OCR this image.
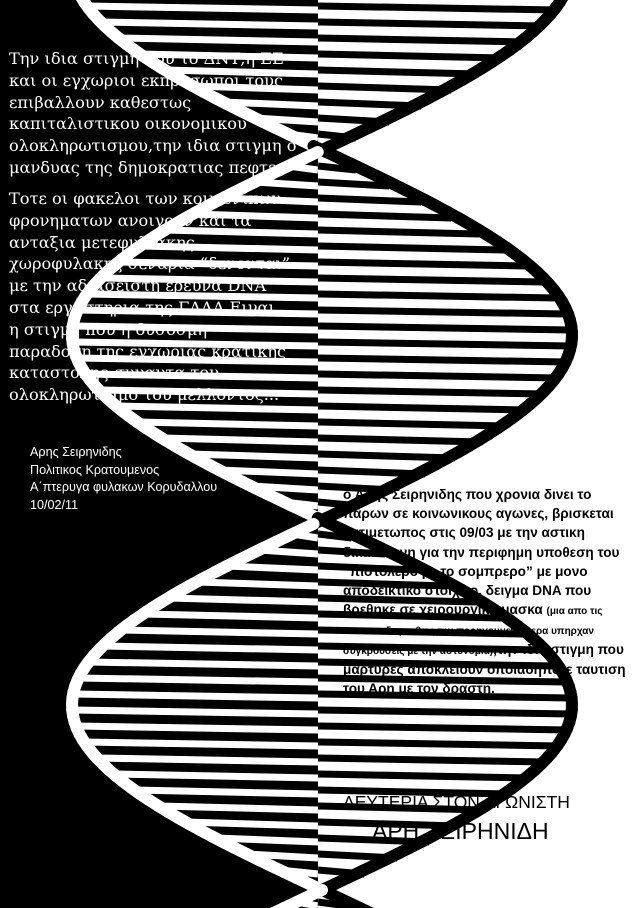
Την ιδια στιγμη που το ΔΝΤ,η ΕΕ
και οι εγχωριοι εκπροσωποι τους
επιβαλλουν καθεστως
καπιταλιστικου οικονομικου
ολοκληρωτισμου,την ιδια στιγμη ο
μανδυας της δημοκρατιας πεφτει.

Τοτε οι φακελοι των κοινωνικων
φρονηματων ανοιγουν και τα
ανταξια μετεφυλιακης
χωροφυλακης σεναρια “δενονται”
με την αδιασειστη ερευνα DNA
στα εργαστηρια της ΓΑΔΑ.Ειναι
η στιγμη που η δυσοσμη
παραδοση της εγχωριας κρατικης
καταστολης συναντα τον
ολοκληρωτισμο του μελλοντος...

Αρης Σειρηνιδης
Πολιτικος Κρατουμενος
Α΄πτερυγα φυλακων Κορυδαλλου
10/02/11
ο Αρης Σειρηνιδης που χρονια δινει το παρων σε κοινωνικους αγωνες, βρισκεται αντιμετωπος στις 09/03 με την αστικη δικαιοσυνη για την περιφημη υποθεση του “πιστολερο με το σομπρερο” με μονο αποδεικτικο στοιχειο, δειγμα DNA που βρεθηκε σε χειρουργικη μασκα (μια απο τις εκατονταδες καθως την προηγουμενη μερα υπηρχαν συγκρουσεις με την αστυνομια),την ιδια στιγμη που μαρτυρες αποκλειουν οποιαδηποτε ταυτιση του Αρη με τον δραστη.
ΛΕΥΤΕΡΙΑ ΣΤΟΝ ΑΓΩΝΙΣΤΗ
ΑΡΗ ΣΕΙΡΗΝΙΔΗ
